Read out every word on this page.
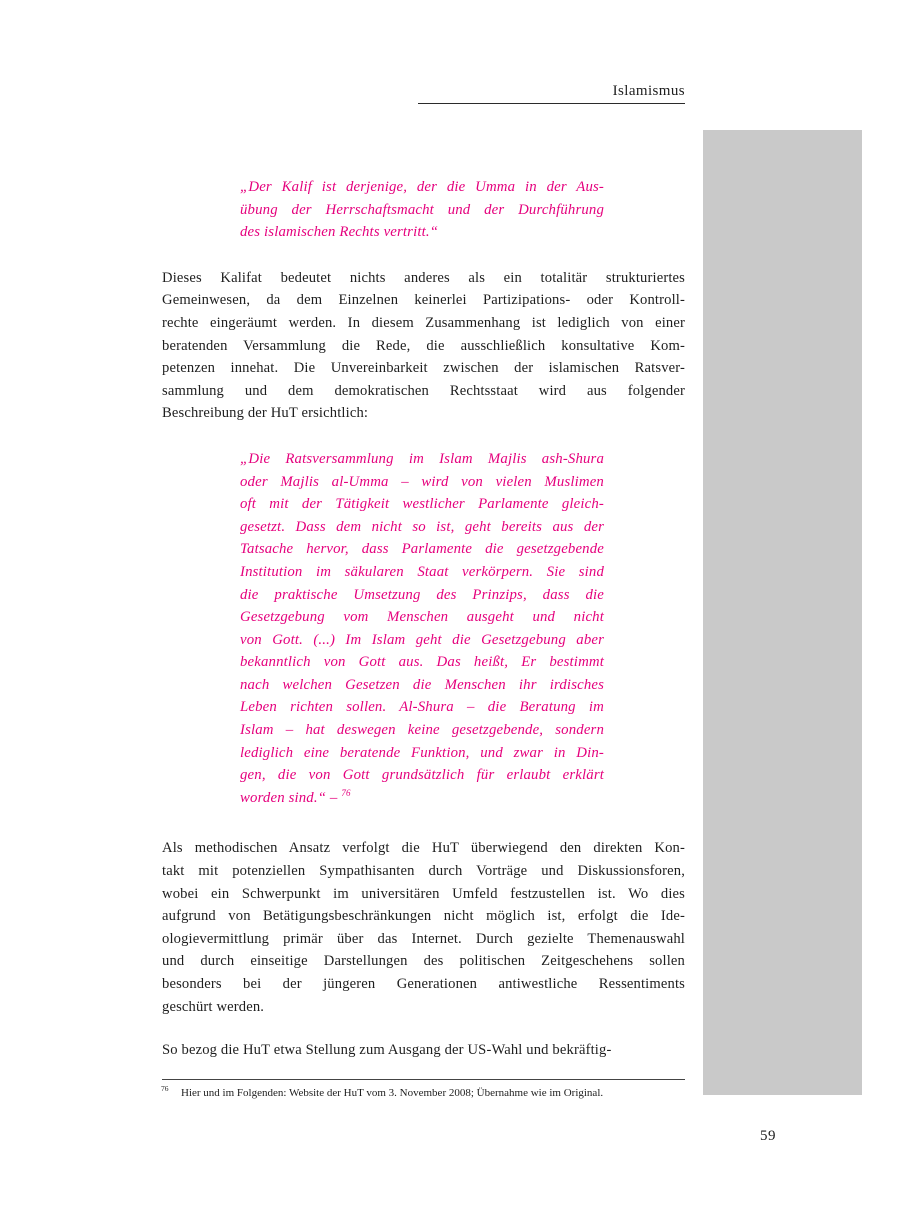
Islamismus
„Der Kalif ist derjenige, der die Umma in der Aus-
übung der Herrschaftsmacht und der Durchführung
des islamischen Rechts vertritt.“
Dieses Kalifat bedeutet nichts anderes als ein totalitär strukturiertes
Gemeinwesen, da dem Einzelnen keinerlei Partizipations- oder Kontroll-
rechte eingeräumt werden. In diesem Zusammenhang ist lediglich von einer
beratenden Versammlung die Rede, die ausschließlich konsultative Kom-
petenzen innehat. Die Unvereinbarkeit zwischen der islamischen Ratsver-
sammlung und dem demokratischen Rechtsstaat wird aus folgender
Beschreibung der HuT ersichtlich:
„Die Ratsversammlung im Islam Majlis ash-Shura
oder Majlis al-Umma – wird von vielen Muslimen
oft mit der Tätigkeit westlicher Parlamente gleich-
gesetzt. Dass dem nicht so ist, geht bereits aus der
Tatsache hervor, dass Parlamente die gesetzgebende
Institution im säkularen Staat verkörpern. Sie sind
die praktische Umsetzung des Prinzips, dass die
Gesetzgebung vom Menschen ausgeht und nicht
von Gott. (...) Im Islam geht die Gesetzgebung aber
bekanntlich von Gott aus. Das heißt, Er bestimmt
nach welchen Gesetzen die Menschen ihr irdisches
Leben richten sollen. Al-Shura – die Beratung im
Islam – hat deswegen keine gesetzgebende, sondern
lediglich eine beratende Funktion, und zwar in Din-
gen, die von Gott grundsätzlich für erlaubt erklärt
worden sind.“ – $^{76}$
Als methodischen Ansatz verfolgt die HuT überwiegend den direkten Kon-
takt mit potenziellen Sympathisanten durch Vorträge und Diskussionsforen,
wobei ein Schwerpunkt im universitären Umfeld festzustellen ist. Wo dies
aufgrund von Betätigungsbeschränkungen nicht möglich ist, erfolgt die Ide-
ologievermittlung primär über das Internet. Durch gezielte Themenauswahl
und durch einseitige Darstellungen des politischen Zeitgeschehens sollen
besonders bei der jüngeren Generationen antiwestliche Ressentiments
geschürt werden.
So bezog die HuT etwa Stellung zum Ausgang der US-Wahl und bekräftig-
$^{76}$ Hier und im Folgenden: Website der HuT vom 3. November 2008; Übernahme wie im Original.
59
